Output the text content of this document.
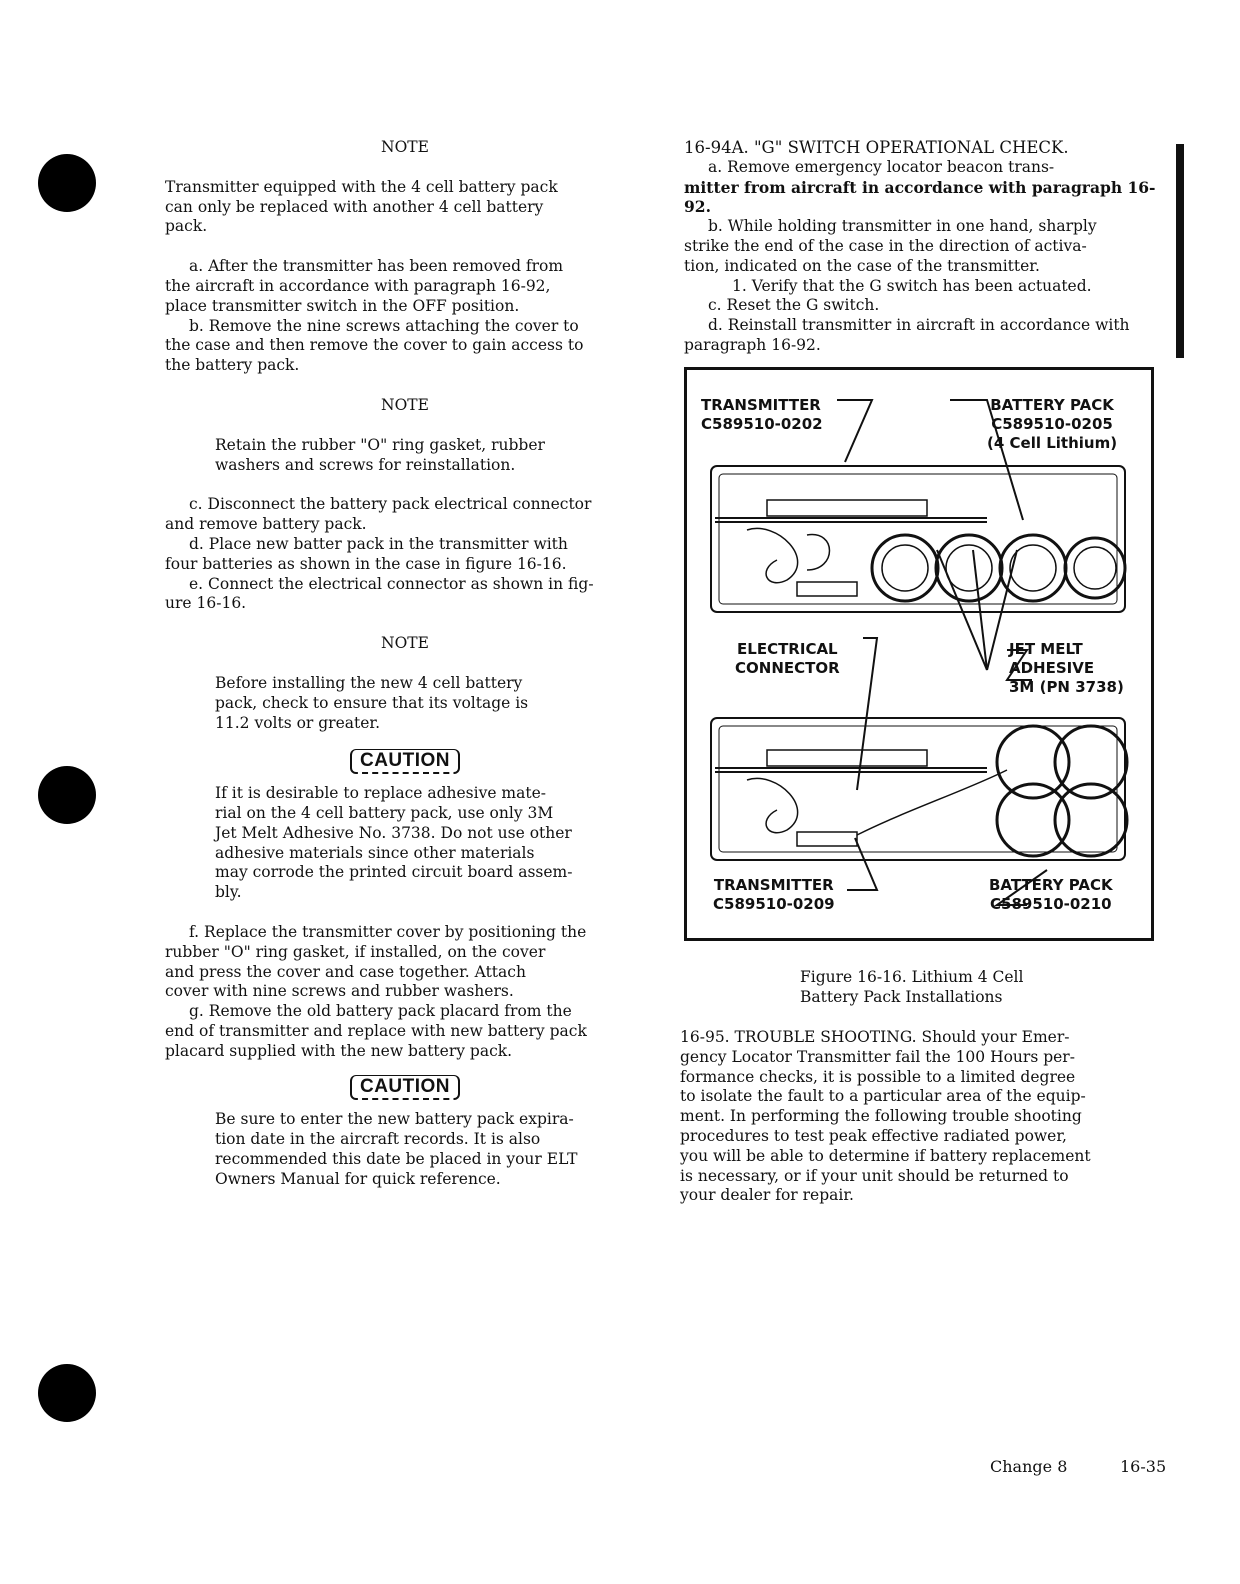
NOTE

Transmitter equipped with the 4 cell battery pack can only be replaced with another 4 cell battery pack.

a. After the transmitter has been removed from

the aircraft in accordance with paragraph 16-92,

place transmitter switch in the OFF position.

b. Remove the nine screws attaching the cover to

the case and then remove the cover to gain access to

the battery pack.

NOTE

Retain the rubber "O" ring gasket, rubber

washers and screws for reinstallation.

c. Disconnect the battery pack electrical connector

and remove battery pack.

d. Place new batter pack in the transmitter with

four batteries as shown in the case in figure 16-16.

e. Connect the electrical connector as shown in fig-

ure 16-16.

NOTE

Before installing the new 4 cell battery

pack, check to ensure that its voltage is

11.2 volts or greater.

CAUTION

If it is desirable to replace adhesive mate-

rial on the 4 cell battery pack, use only 3M

Jet Melt Adhesive No. 3738. Do not use other

adhesive materials since other materials

may corrode the printed circuit board assem-

bly.

f. Replace the transmitter cover by positioning the

rubber "O" ring gasket, if installed, on the cover

and press the cover and case together. Attach

cover with nine screws and rubber washers.

g. Remove the old battery pack placard from the

end of transmitter and replace with new battery pack

placard supplied with the new battery pack.

CAUTION

Be sure to enter the new battery pack expira-

tion date in the aircraft records. It is also

recommended this date be placed in your ELT

Owners Manual for quick reference.

16-94A. "G" SWITCH OPERATIONAL CHECK.

a. Remove emergency locator beacon trans-

mitter from aircraft in accordance with paragraph 16-92.

b. While holding transmitter in one hand, sharply

strike the end of the case in the direction of activa-

tion, indicated on the case of the transmitter.

1. Verify that the G switch has been actuated.

c. Reset the G switch.

d. Reinstall transmitter in aircraft in accordance with

paragraph 16-92.

TRANSMITTER
C589510-0202
BATTERY PACK
C589510-0205
(4 Cell Lithium)
ELECTRICAL
CONNECTOR
JET MELT
ADHESIVE
3M (PN 3738)
TRANSMITTER
C589510-0209
BATTERY PACK
C589510-0210

Figure 16-16. Lithium 4 Cell

Battery Pack Installations

16-95. TROUBLE SHOOTING. Should your Emer-

gency Locator Transmitter fail the 100 Hours per-

formance checks, it is possible to a limited degree

to isolate the fault to a particular area of the equip-

ment. In performing the following trouble shooting

procedures to test peak effective radiated power,

you will be able to determine if battery replacement

is necessary, or if your unit should be returned to

your dealer for repair.

Change 8	16-35
